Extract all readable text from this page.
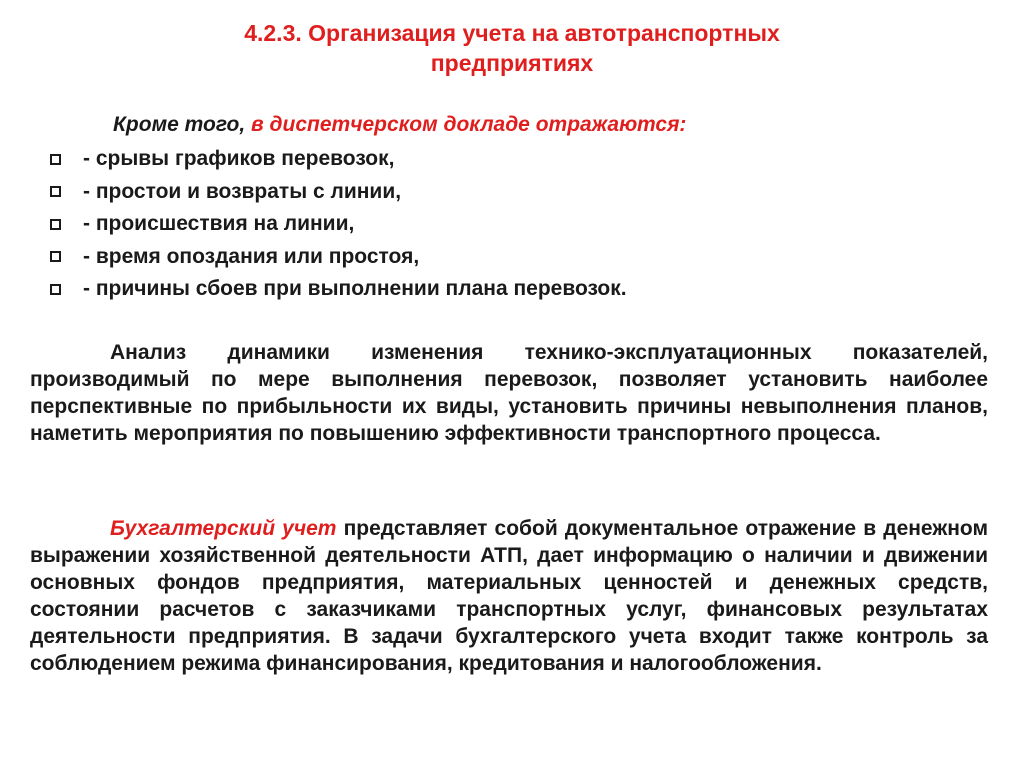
4.2.3. Организация учета на автотранспортных
предприятиях
Кроме того, в диспетчерском докладе отражаются:
- срывы графиков перевозок,
- простои и возвраты с линии,
- происшествия на линии,
- время опоздания или простоя,
- причины сбоев при выполнении плана перевозок.
Анализ динамики изменения технико-эксплуатационных показателей, производимый по мере выполнения перевозок, позволяет установить наиболее перспективные по прибыльности их виды, установить причины невыполнения планов, наметить мероприятия по повышению эффективности транспортного процесса.
Бухгалтерский учет представляет собой документальное отражение в денежном выражении хозяйственной деятельности АТП, дает информацию о наличии и движении основных фондов предприятия, материальных ценностей и денежных средств, состоянии расчетов с заказчиками транспортных услуг, финансовых результатах деятельности предприятия. В задачи бухгалтерского учета входит также контроль за соблюдением режима финансирования, кредитования и налогообложения.
